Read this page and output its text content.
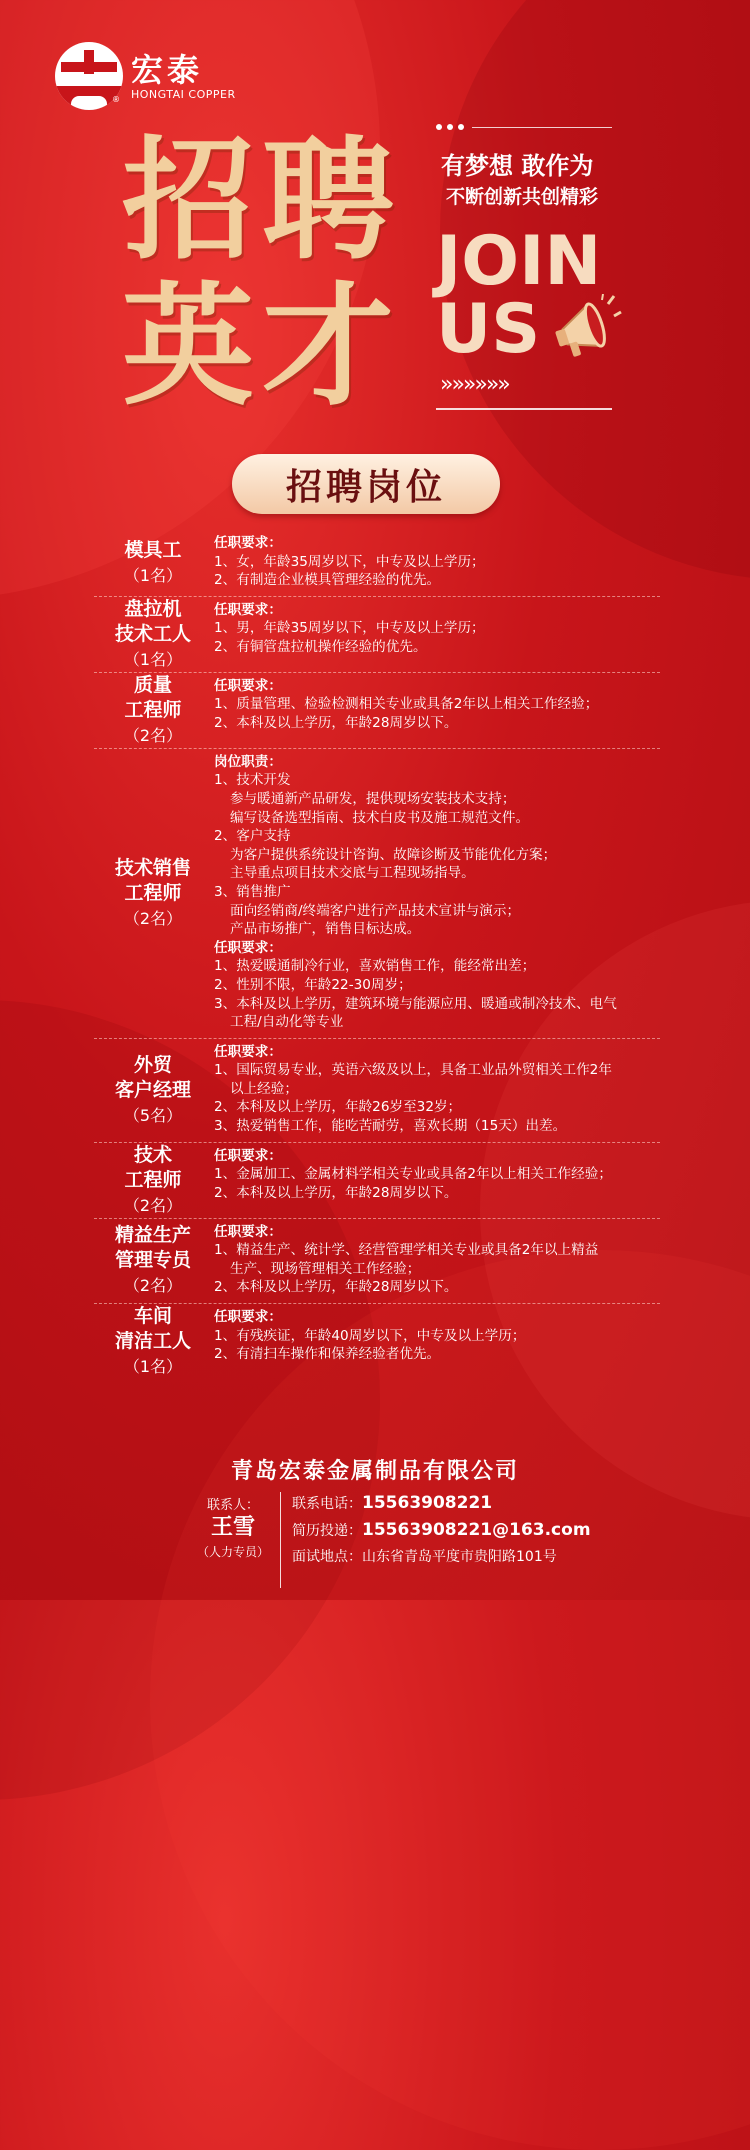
宏泰
HONGTAI COPPER
®
招聘
英才
有梦想 敢作为
不断创新共创精彩
JOIN
US
»»»»»»
招聘岗位
模具工
（1名）
任职要求：
1、女，年龄35周岁以下，中专及以上学历；
2、有制造企业模具管理经验的优先。
盘拉机
技术工人
（1名）
任职要求：
1、男，年龄35周岁以下，中专及以上学历；
2、有铜管盘拉机操作经验的优先。
质量
工程师
（2名）
任职要求：
1、质量管理、检验检测相关专业或具备2年以上相关工作经验；
2、本科及以上学历，年龄28周岁以下。
技术销售
工程师
（2名）
岗位职责：
1、技术开发
参与暖通新产品研发，提供现场安装技术支持；
编写设备选型指南、技术白皮书及施工规范文件。
2、客户支持
为客户提供系统设计咨询、故障诊断及节能优化方案；
主导重点项目技术交底与工程现场指导。
3、销售推广
面向经销商/终端客户进行产品技术宣讲与演示；
产品市场推广，销售目标达成。
任职要求：
1、热爱暖通制冷行业，喜欢销售工作，能经常出差；
2、性别不限，年龄22-30周岁；
3、本科及以上学历，建筑环境与能源应用、暖通或制冷技术、电气
工程/自动化等专业
外贸
客户经理
（5名）
任职要求：
1、国际贸易专业，英语六级及以上，具备工业品外贸相关工作2年
以上经验；
2、本科及以上学历，年龄26岁至32岁；
3、热爱销售工作，能吃苦耐劳，喜欢长期（15天）出差。
技术
工程师
（2名）
任职要求：
1、金属加工、金属材料学相关专业或具备2年以上相关工作经验；
2、本科及以上学历，年龄28周岁以下。
精益生产
管理专员
（2名）
任职要求：
1、精益生产、统计学、经营管理学相关专业或具备2年以上精益
生产、现场管理相关工作经验；
2、本科及以上学历，年龄28周岁以下。
车间
清洁工人
（1名）
任职要求：
1、有残疾证，年龄40周岁以下，中专及以上学历；
2、有清扫车操作和保养经验者优先。
青岛宏泰金属制品有限公司
联系人：
王雪
（人力专员）
联系电话：15563908221
简历投递：15563908221@163.com
面试地点：山东省青岛平度市贵阳路101号
